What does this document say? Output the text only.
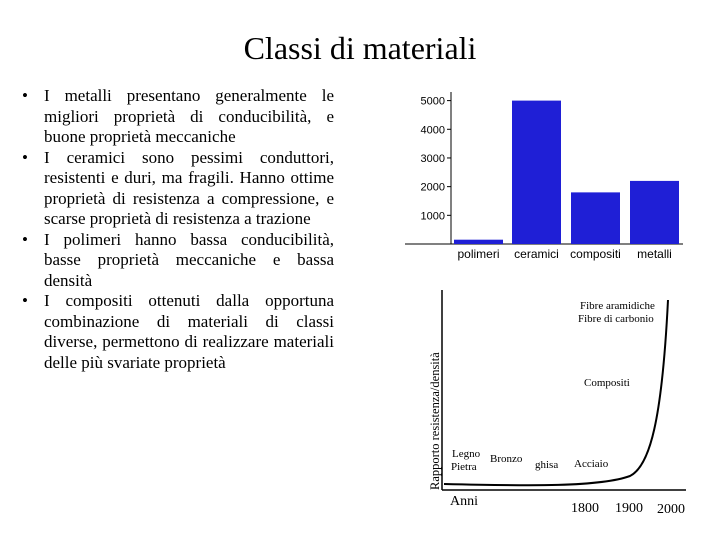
Classi di materiali
• I metalli presentano generalmente le migliori proprietà di conducibilità, e buone proprietà meccaniche
• I ceramici sono pessimi conduttori, resistenti e duri, ma fragili. Hanno ottime proprietà di resistenza a compressione, e scarse proprietà di resistenza a trazione
• I polimeri hanno bassa conducibilità, basse proprietà meccaniche e bassa densità
• I compositi ottenuti dalla opportuna combinazione di materiali di classi diverse, permettono di realizzare materiali delle più svariate proprietà
1000
2000
3000
4000
5000
polimeri ceramici compositi metalli
Rapporto resistenza/densità
Anni	1800 1900 2000
Fibre aramidiche
Fibre di carbonio
Compositi
Legno
Pietra
Bronzo ghisa Acciaio
